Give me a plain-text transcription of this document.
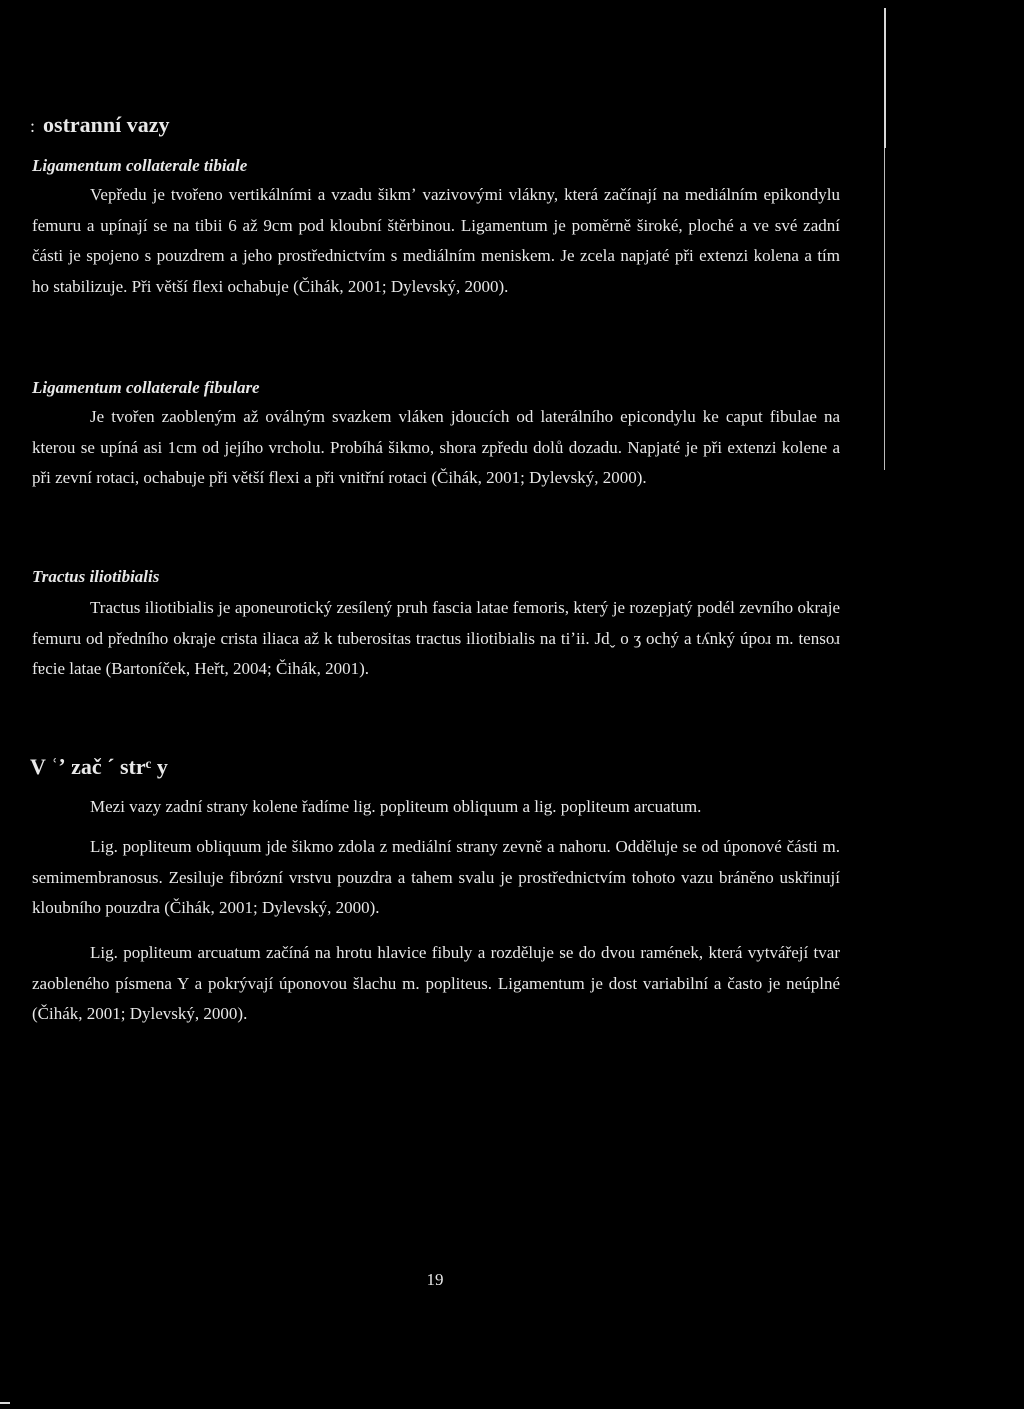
: ostranní vazy
Ligamentum collaterale tibiale

Vepředu je tvořeno vertikálními a vzadu šikmʼ vazivovými vlákny, která začínají na mediálním epikondylu femuru a upínají se na tibii 6 až 9cm pod kloubní štěrbinou. Ligamentum je poměrně široké, ploché a ve své zadní části je spojeno s pouzdrem a jeho prostřednictvím s mediálním meniskem. Je zcela napjaté při extenzi kolena a tím ho stabilizuje. Při větší flexi ochabuje (Čihák, 2001; Dylevský, 2000).

Ligamentum collaterale fibulare

Je tvořen zaobleným až oválným svazkem vláken jdoucích od laterálního epicondylu ke caput fibulae na kterou se upíná asi 1cm od jejího vrcholu. Probíhá šikmo, shora zpředu dolů dozadu. Napjaté je při extenzi kolene a při zevní rotaci, ochabuje při větší flexi a při vnitřní rotaci (Čihák, 2001; Dylevský, 2000).

Tractus iliotibialis

Tractus iliotibialis je aponeurotický zesílený pruh fascia latae femoris, který je rozepjatý podél zevního okraje femuru od předního okraje crista iliaca až k tuberositas tractus iliotibialis na tiʼii. Jdˬ o ʒ ochý a tʎnký úpoɹ m. tensoɹ fɐcie latae (Bartoníček, Heřt, 2004; Čihák, 2001).

V ʿʼ zač ˊ strᶜ y

Mezi vazy zadní strany kolene řadíme lig. popliteum obliquum a lig. popliteum arcuatum.

Lig. popliteum obliquum jde šikmo zdola z mediální strany zevně a nahoru. Odděluje se od úponové části m. semimembranosus. Zesiluje fibrózní vrstvu pouzdra a tahem svalu je prostřednictvím tohoto vazu bráněno uskřinují kloubního pouzdra (Čihák, 2001; Dylevský, 2000).

Lig. popliteum arcuatum začíná na hrotu hlavice fibuly a rozděluje se do dvou ramének, která vytvářejí tvar zaobleného písmena Y a pokrývají úponovou šlachu m. popliteus. Ligamentum je dost variabilní a často je neúplné (Čihák, 2001; Dylevský, 2000).

19
